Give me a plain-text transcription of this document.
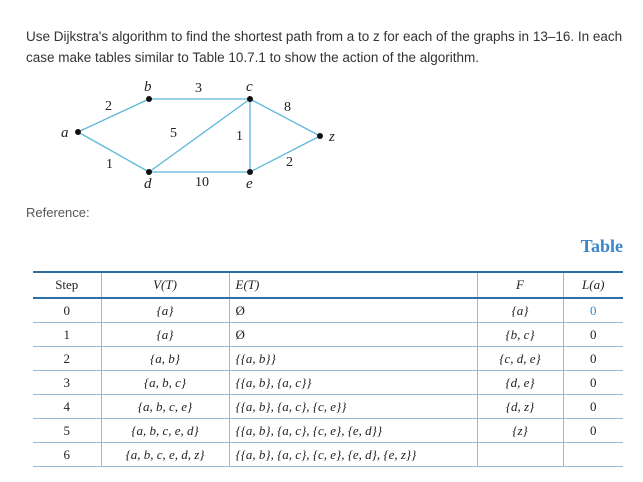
Use Dijkstra's algorithm to find the shortest path from a to z for each of the graphs in 13–16. In each case make tables similar to Table 10.7.1 to show the action of the algorithm.
a
b	c
d	e
z
2
3
8
5	1
1
10
2
Reference:
Table
Step	V(T)	E(T)	F	L(a)
0	{a}	Ø	{a}	0
1	{a}	Ø	{b, c}	0
2	{a, b}	{{a, b}}	{c, d, e}	0
3	{a, b, c}	{{a, b}, {a, c}}	{d, e}	0
4	{a, b, c, e}	{{a, b}, {a, c}, {c, e}}	{d, z}	0
5	{a, b, c, e, d}	{{a, b}, {a, c}, {c, e}, {e, d}}	{z}	0
6	{a, b, c, e, d, z}	{{a, b}, {a, c}, {c, e}, {e, d}, {e, z}}		
